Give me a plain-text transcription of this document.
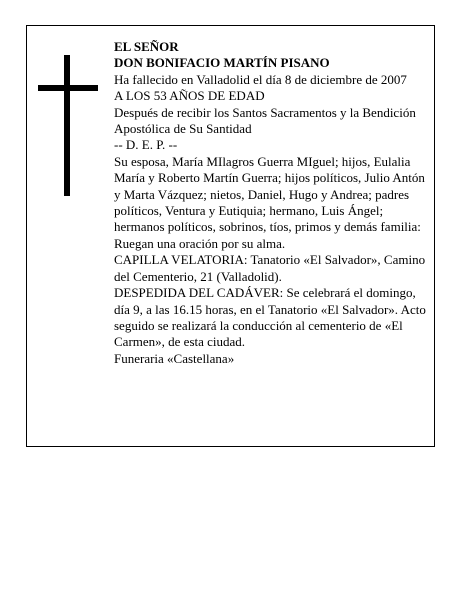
EL SEÑOR

DON BONIFACIO MARTÍN PISANO

Ha fallecido en Valladolid el día 8 de diciembre de 2007

A LOS 53 AÑOS DE EDAD

Después de recibir los Santos Sacramentos y la Bendición Apostólica de Su Santidad

-- D. E. P. --

Su esposa, María MIlagros Guerra MIguel; hijos, Eulalia María y Roberto Martín Guerra; hijos políticos, Julio Antón y Marta Vázquez; nietos, Daniel, Hugo y Andrea; padres políticos, Ventura y Eutiquia; hermano, Luis Ángel; hermanos políticos, sobrinos, tíos, primos y demás familia:

Ruegan una oración por su alma.

CAPILLA VELATORIA: Tanatorio «El Salvador», Camino del Cementerio, 21 (Valladolid).

DESPEDIDA DEL CADÁVER: Se celebrará el domingo, día 9, a las 16.15 horas, en el Tanatorio «El Salvador». Acto seguido se realizará la conducción al cementerio de «El Carmen», de esta ciudad.

Funeraria «Castellana»
